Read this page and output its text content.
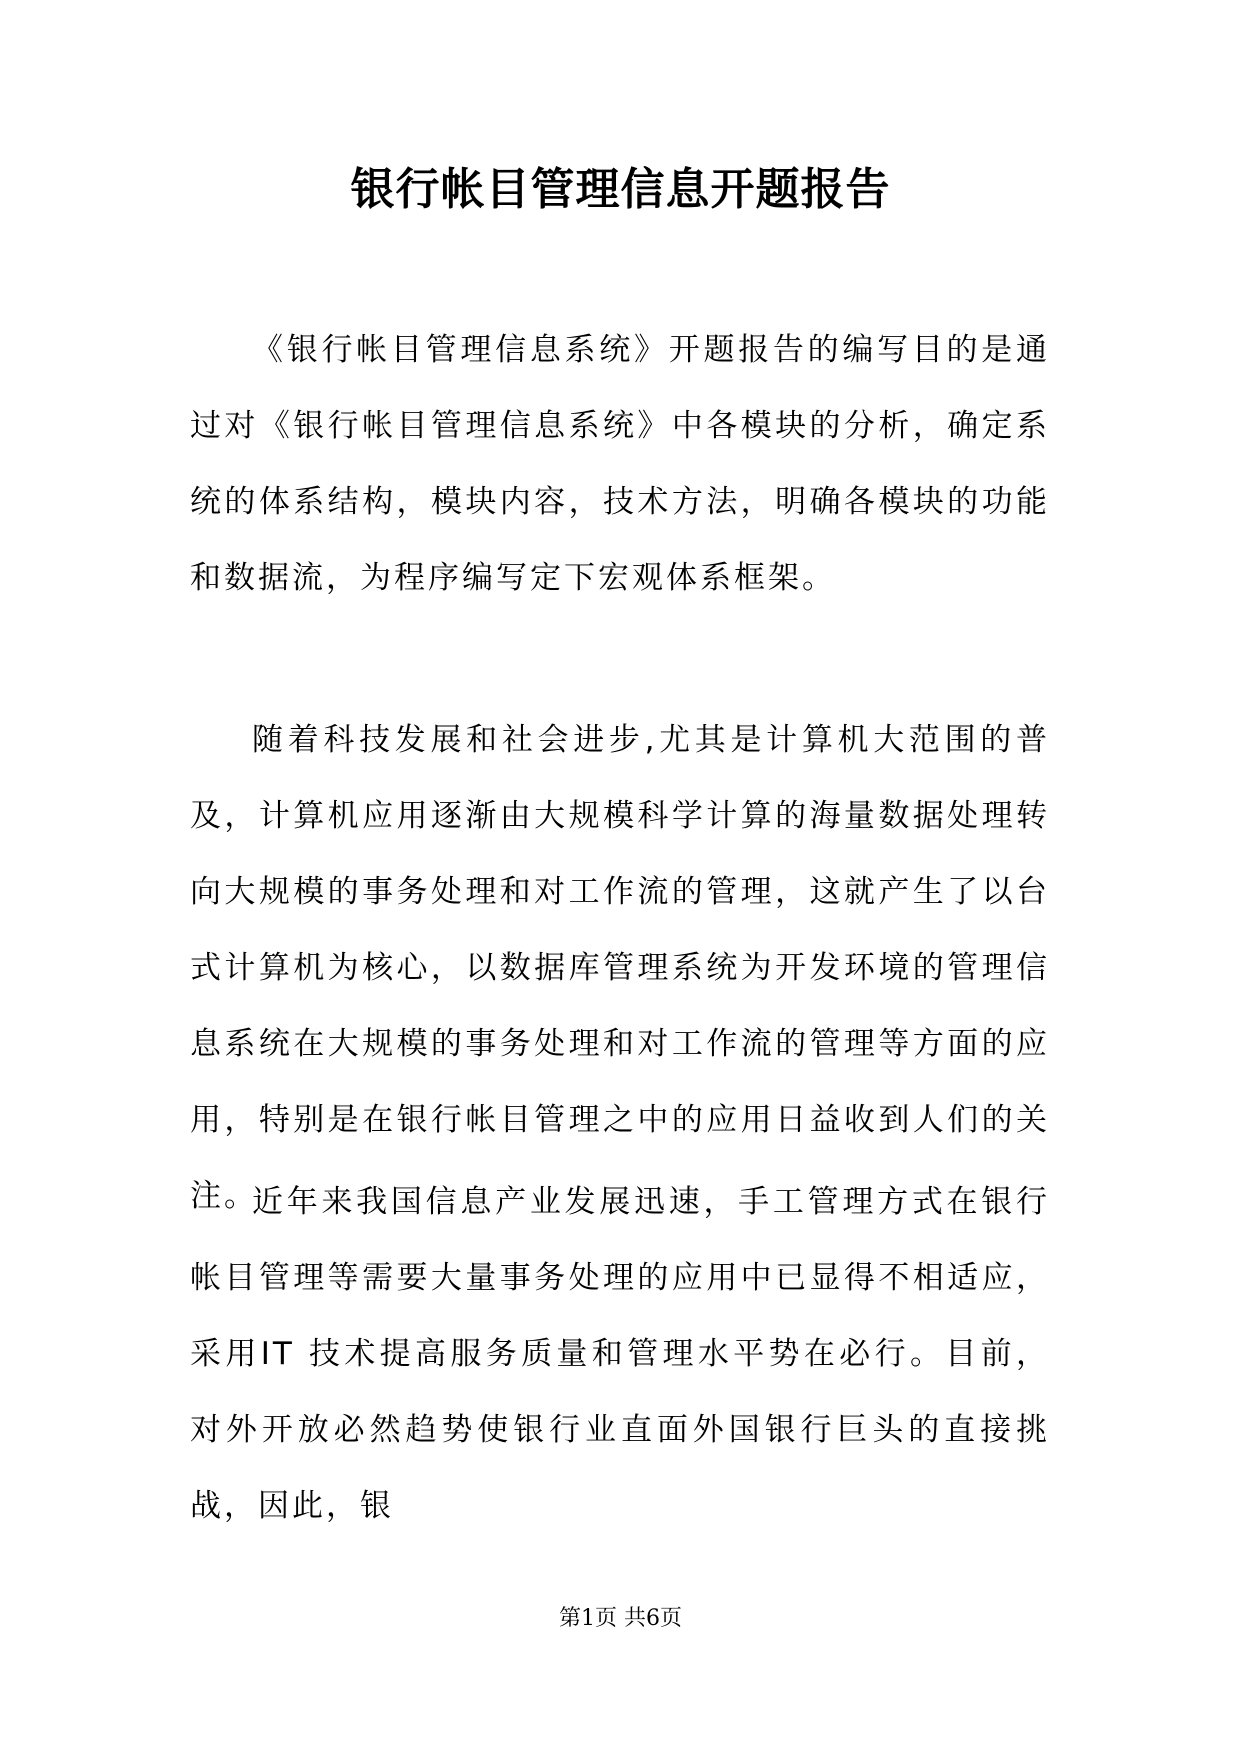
银行帐目管理信息开题报告

《银行帐目管理信息系统》开题报告的编写目的是通过对《银行帐目管理信息系统》中各模块的分析，确定系统的体系结构，模块内容，技术方法，明确各模块的功能和数据流，为程序编写定下宏观体系框架。

随着科技发展和社会进步,尤其是计算机大范围的普及，计算机应用逐渐由大规模科学计算的海量数据处理转向大规模的事务处理和对工作流的管理，这就产生了以台式计算机为核心，以数据库管理系统为开发环境的管理信息系统在大规模的事务处理和对工作流的管理等方面的应用，特别是在银行帐目管理之中的应用日益收到人们的关注。

近年来我国信息产业发展迅速，手工管理方式在银行帐目管理等需要大量事务处理的应用中已显得不相适应，采用IT 技术提高服务质量和管理水平势在必行。目前，对外开放必然趋势使银行业直面外国银行巨头的直接挑战，因此，银

第1页 共6页
